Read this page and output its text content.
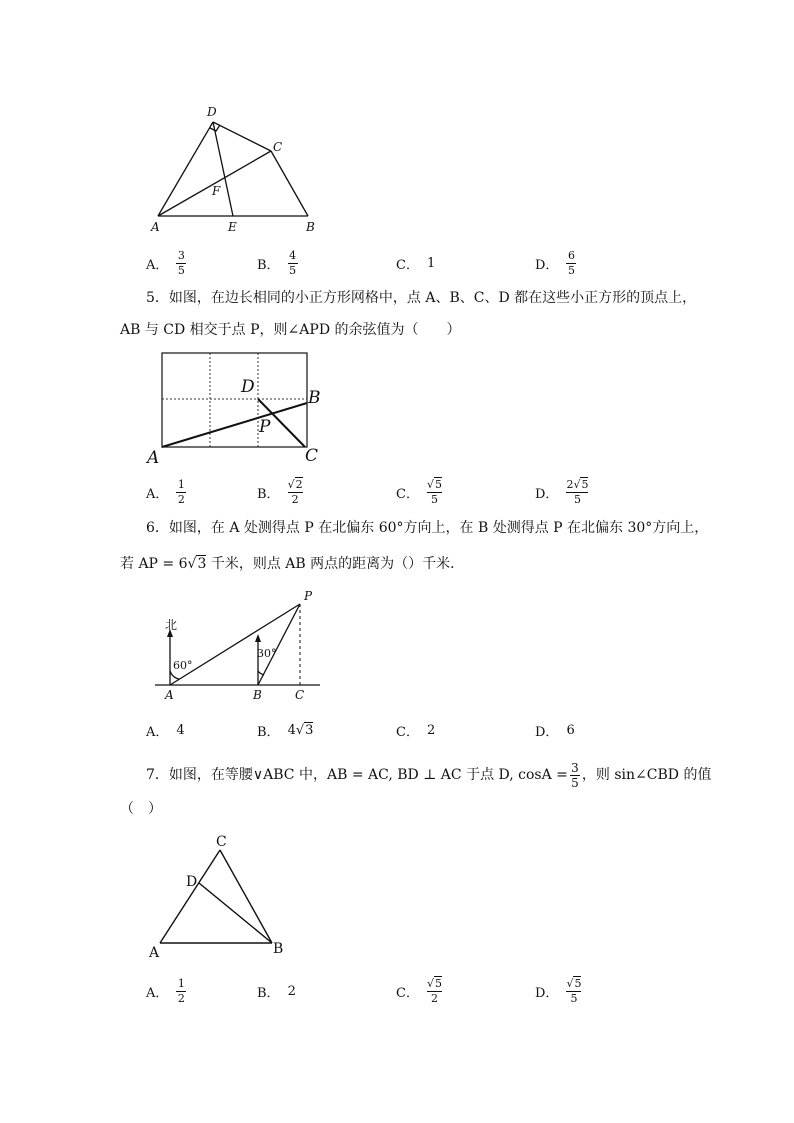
D
C
F
A	E	B
A． $\frac{3}{5}$	B． $\frac{4}{5}$	C． 1	D． $\frac{6}{5}$
5．如图，在边长相同的小正方形网格中，点 A、B、C、D 都在这些小正方形的顶点上，
AB 与 CD 相交于点 P，则∠APD 的余弦值为（　　）
D
B
P
A	C
A． $\frac{1}{2}$	B． $\frac{√2}{2}$	C． $\frac{√5}{5}$	D． $\frac{2√5}{5}$
6．如图，在 A 处测得点 P 在北偏东 60°方向上，在 B 处测得点 P 在北偏东 30°方向上，
若 AP = 6√3 千米，则点 AB 两点的距离为（）千米．
北
60°
30°
P
A	B	C
A． 4	B． 4√3	C． 2	D． 6
7．如图，在等腰∨ABC 中，AB = AC, BD ⊥ AC 于点 D, $\cos A = \frac{3}{5}$ ，则 sin∠CBD 的值
（　）
C
D
A	B
A． $\frac{1}{2}$	B． 2	C． $\frac{√5}{2}$	D． $\frac{√5}{5}$
